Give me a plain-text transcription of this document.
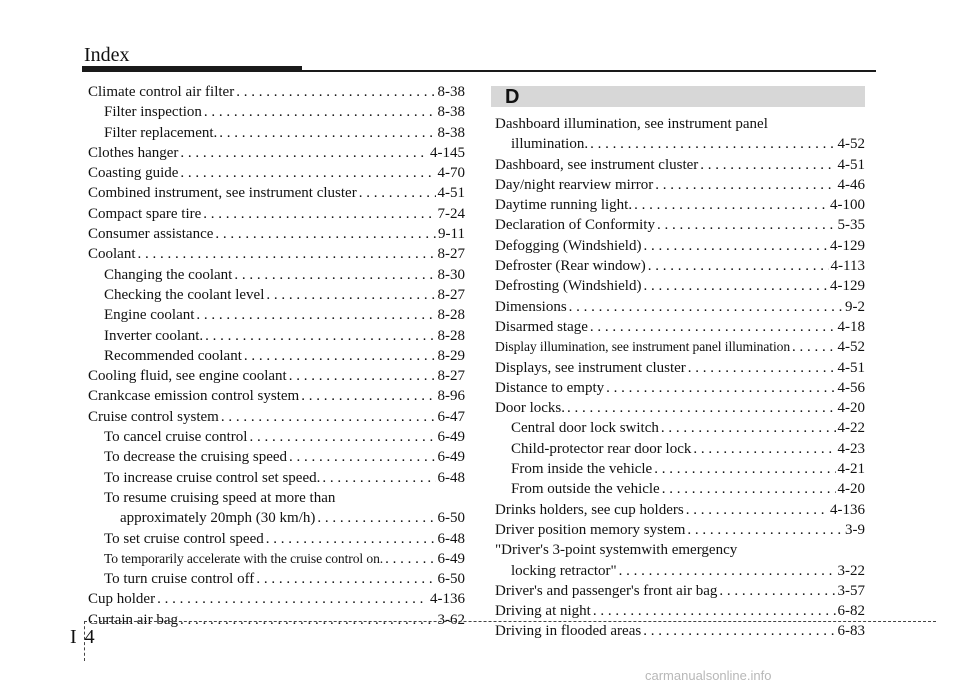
Index
Climate control air filter . . .	8-38
Filter inspection . . .	8-38
Filter replacement. . . .	8-38
Clothes hanger . . .	4-145
Coasting guide . . .	4-70
Combined instrument, see instrument cluster . . .	4-51
Compact spare tire . . .	7-24
Consumer assistance . . .	9-11
Coolant . . .	8-27
Changing the coolant . . .	8-30
Checking the coolant level . . .	8-27
Engine coolant . . .	8-28
Inverter coolant. . . .	8-28
Recommended coolant . . .	8-29
Cooling fluid, see engine coolant . . .	8-27
Crankcase emission control system . . .	8-96
Cruise control system . . .	6-47
To cancel cruise control . . .	6-49
To decrease the cruising speed . . .	6-49
To increase cruise control set speed. . . .	6-48
To resume cruising speed at more than
approximately 20mph (30 km/h) . . .	6-50
To set cruise control speed . . .	6-48
To temporarily accelerate with the cruise control on. . . .	6-49
To turn cruise control off . . .	6-50
Cup holder . . .	4-136
Curtain air bag . . .	3-62
D
Dashboard illumination, see instrument panel
illumination. . . .	4-52
Dashboard, see instrument cluster . . .	4-51
Day/night rearview mirror . . .	4-46
Daytime running light. . . .	4-100
Declaration of Conformity . . .	5-35
Defogging (Windshield) . . .	4-129
Defroster (Rear window) . . .	4-113
Defrosting (Windshield) . . .	4-129
Dimensions . . .	9-2
Disarmed stage . . .	4-18
Display illumination, see instrument panel illumination . . .	4-52
Displays, see instrument cluster . . .	4-51
Distance to empty . . .	4-56
Door locks. . . .	4-20
Central door lock switch . . .	4-22
Child-protector rear door lock . . .	4-23
From inside the vehicle . . .	4-21
From outside the vehicle . . .	4-20
Drinks holders, see cup holders . . .	4-136
Driver position memory system . . .	3-9
"Driver's 3-point systemwith emergency
locking retractor" . . .	3-22
Driver's and passenger's front air bag . . .	3-57
Driving at night . . .	6-82
Driving in flooded areas . . .	6-83
I 4
carmanualsonline.info
